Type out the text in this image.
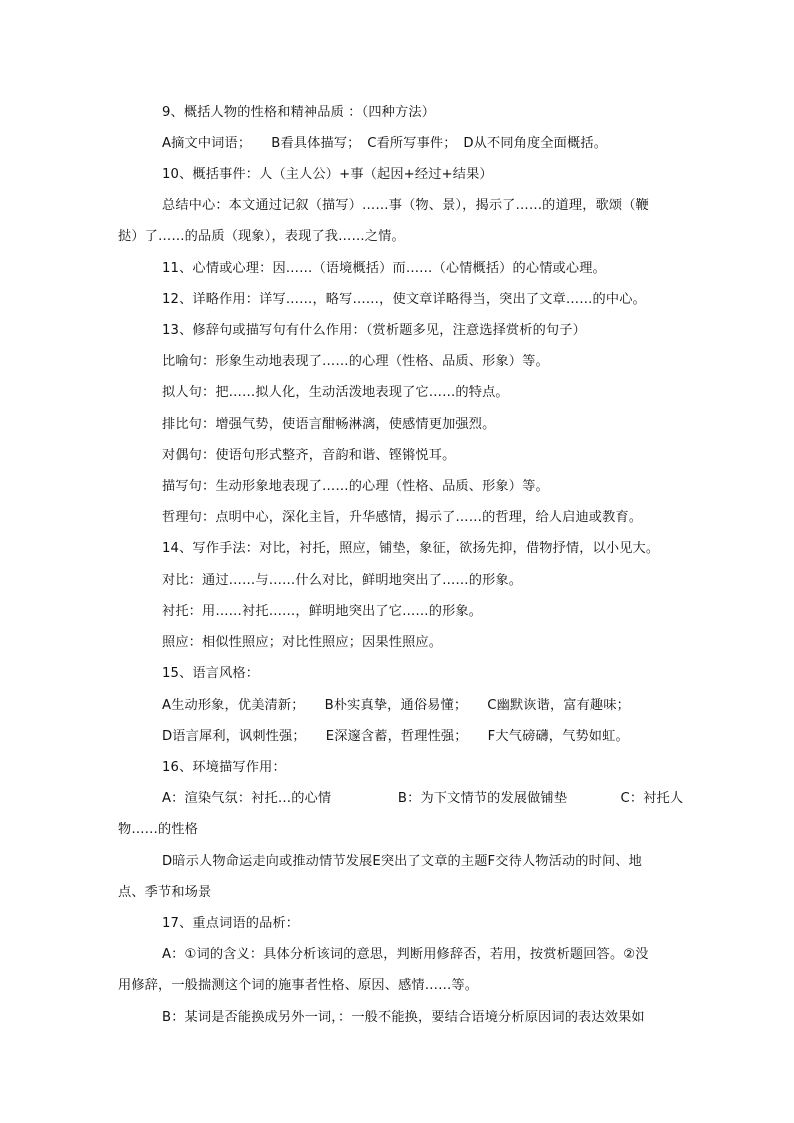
9、概括人物的性格和精神品质 ：（四种方法）
A摘文中词语；　　B看具体描写；　C看所写事件；　D从不同角度全面概括。
10、概括事件：人（主人公）+事（起因+经过+结果）
总结中心：本文通过记叙（描写）……事（物、景），揭示了……的道理，歌颂（鞭
挞）了……的品质（现象），表现了我……之情。
11、心情或心理：因……（语境概括）而……（心情概括）的心情或心理。
12、详略作用：详写……，略写……，使文章详略得当，突出了文章……的中心。
13、修辞句或描写句有什么作用：（赏析题多见，注意选择赏析的句子）
比喻句：形象生动地表现了……的心理（性格、品质、形象）等。
拟人句：把……拟人化，生动活泼地表现了它……的特点。
排比句：增强气势，使语言酣畅淋漓，使感情更加强烈。
对偶句：使语句形式整齐，音韵和谐、铿锵悦耳。
描写句：生动形象地表现了……的心理（性格、品质、形象）等。
哲理句：点明中心，深化主旨，升华感情，揭示了……的哲理，给人启迪或教育。
14、写作手法：对比，衬托，照应，铺垫，象征，欲扬先抑，借物抒情，以小见大。
对比：通过……与……什么对比，鲜明地突出了……的形象。
衬托：用……衬托……，鲜明地突出了它……的形象。
照应：相似性照应；对比性照应；因果性照应。
15、语言风格：
A生动形象，优美清新；　　B朴实真挚，通俗易懂；　　C幽默诙谐，富有趣味；
D语言犀利，讽刺性强；　　E深邃含蓄，哲理性强；　　F大气磅礴，气势如虹。
16、环境描写作用：
A：渲染气氛：衬托…的心情　　　　　B：为下文情节的发展做铺垫　　　　C：衬托人
物……的性格
D暗示人物命运走向或推动情节发展E突出了文章的主题F交待人物活动的时间、地
点、季节和场景
17、重点词语的品析：
A：①词的含义：具体分析该词的意思，判断用修辞否，若用，按赏析题回答。②没
用修辞，一般揣测这个词的施事者性格、原因、感情……等。
B：某词是否能换成另外一词，：一般不能换，要结合语境分析原因词的表达效果如
